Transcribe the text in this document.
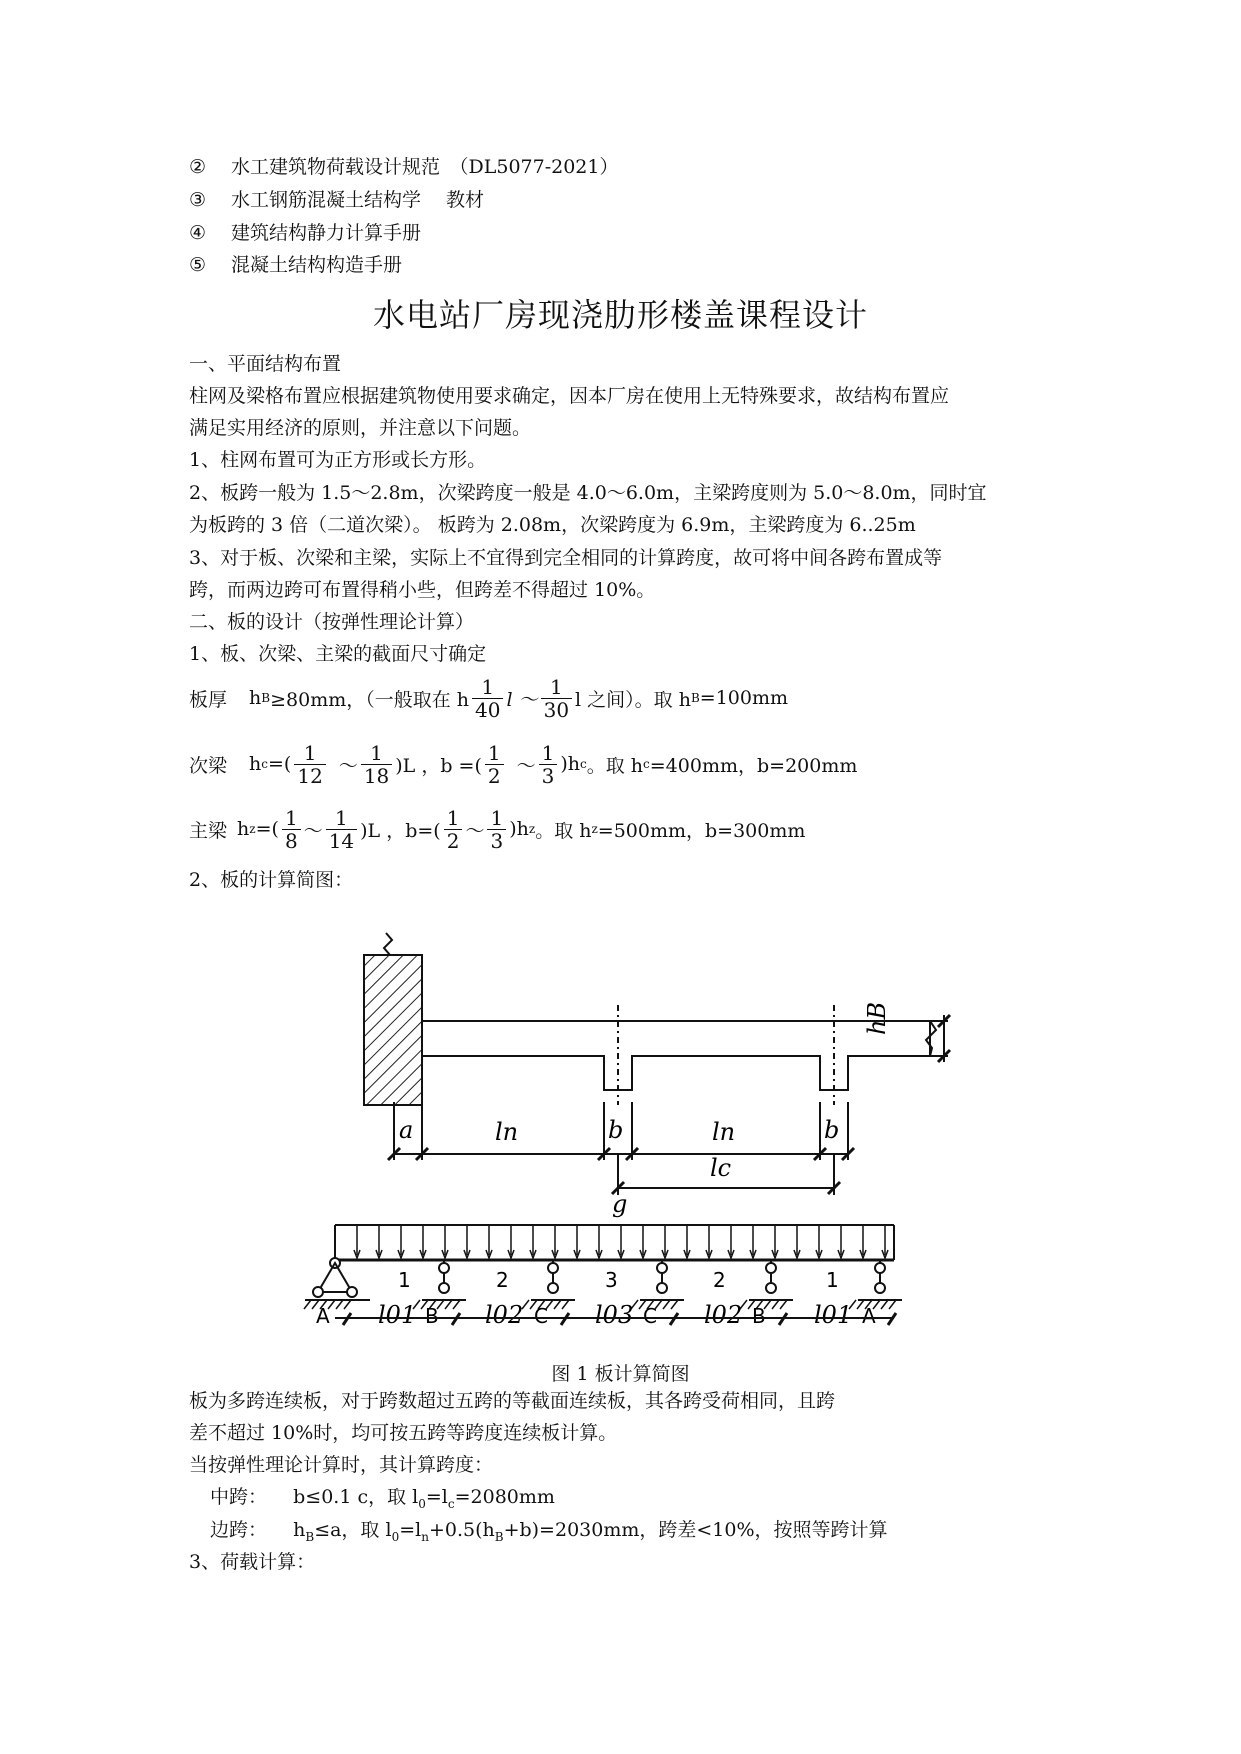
② 水工建筑物荷载设计规范　（DL5077-2021）
③ 水工钢筋混凝土结构学　 教材
④ 建筑结构静力计算手册
⑤ 混凝土结构构造手册
水电站厂房现浇肋形楼盖课程设计
一、平面结构布置
柱网及梁格布置应根据建筑物使用要求确定，因本厂房在使用上无特殊要求，故结构布置应
满足实用经济的原则，并注意以下问题。
1、柱网布置可为正方形或长方形。
2、板跨一般为 1.5～2.8m，次梁跨度一般是 4.0～6.0m，主梁跨度则为 5.0～8.0m，同时宜
为板跨的 3 倍（二道次梁）。 板跨为 2.08m，次梁跨度为 6.9m，主梁跨度为 6..25m
3、对于板、次梁和主梁，实际上不宜得到完全相同的计算跨度，故可将中间各跨布置成等
跨，而两边跨可布置得稍小些，但跨差不得超过 10%。
二、板的设计（按弹性理论计算）
1、板、次梁、主梁的截面尺寸确定
板厚 h B ≥80mm，（一般取在 h $\frac{1}{40}$ l ～ $\frac{1}{30}$ l 之间）。取 h B =100mm
次梁 h c =( $\frac{1}{12}$ ～ $\frac{1}{18} )L$ ，b =( $\frac{1}{2}$ ～ $\frac{1}{3} )h$ c 。取 h c =400mm，b=200mm
主梁 h z =( $\frac{1}{8}$ ～ $\frac{1}{14} )L$ ，$b=( \frac{1}{2}$ ～ $\frac{1}{3} )h$ z 。取 h z =500mm，b=300mm
2、板的计算简图：
a	ln	b	ln	b
lc
hB
g
1	2	3	2	1
A	B	C	C	B	A
l01	l02	l03	l02	l01
图 1 板计算简图
板为多跨连续板，对于跨数超过五跨的等截面连续板，其各跨受荷相同，且跨
差不超过 10%时，均可按五跨等跨度连续板计算。
当按弹性理论计算时，其计算跨度：
中跨： b≤0.1 c，取 $l_0=l_c=2080mm$
边跨： $h_B\le a$，取 $l_0=l_n+0.5(h_B+b)=2030mm$，跨差<10%，按照等跨计算
3、荷载计算：
